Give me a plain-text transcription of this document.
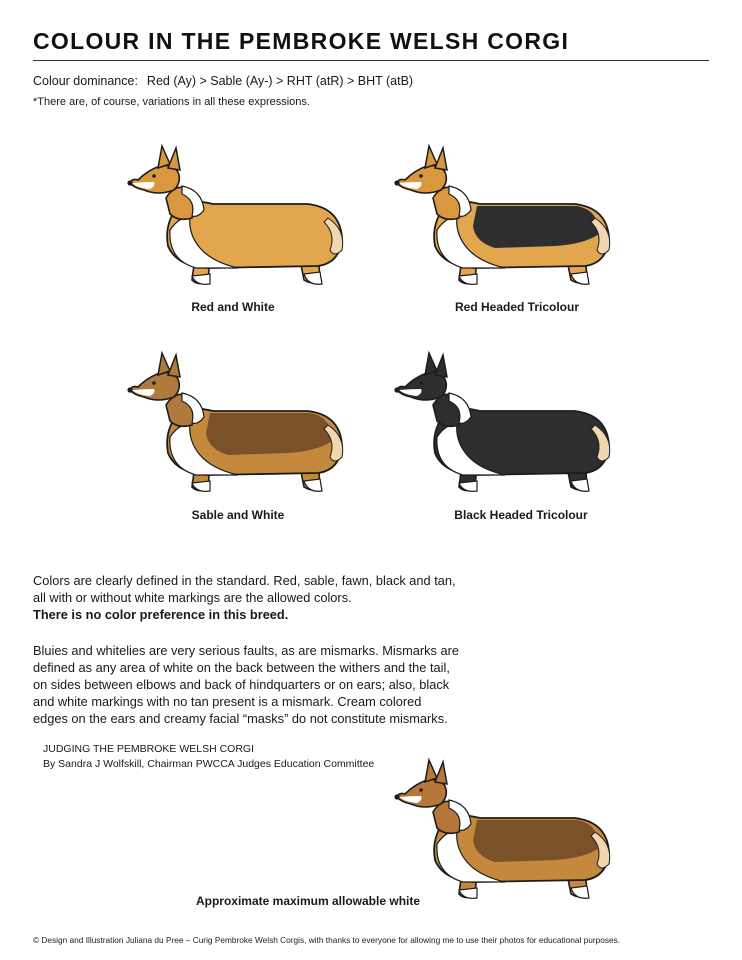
COLOUR IN THE PEMBROKE WELSH CORGI
Colour dominance: Red (Ay) > Sable (Ay-) > RHT (atR) > BHT (atB)
*There are, of course, variations in all these expressions.
Red and White	Red Headed Tricolour
Sable and White	Black Headed Tricolour
Colors are clearly defined in the standard. Red, sable, fawn, black and tan,
all with or without white markings are the allowed colors.
There is no color preference in this breed.
Bluies and whitelies are very serious faults, as are mismarks. Mismarks are
defined as any area of white on the back between the withers and the tail,
on sides between elbows and back of hindquarters or on ears; also, black
and white markings with no tan present is a mismark. Cream colored
edges on the ears and creamy facial “masks” do not constitute mismarks.
JUDGING THE PEMBROKE WELSH CORGI
By Sandra J Wolfskill, Chairman PWCCA Judges Education Committee
Approximate maximum allowable white
© Design and Illustration Juliana du Pree – Curig Pembroke Welsh Corgis, with thanks to everyone for allowing me to use their photos for educational purposes.
